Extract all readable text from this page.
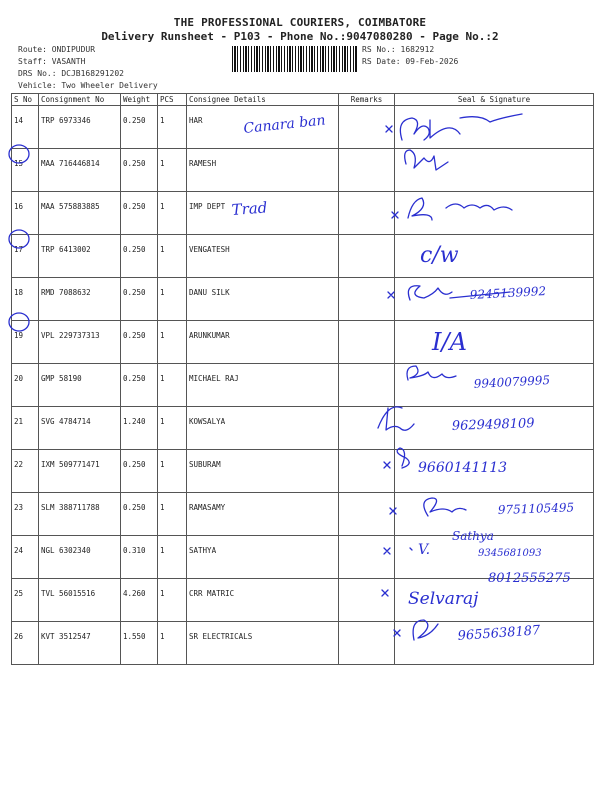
THE PROFESSIONAL COURIERS, COIMBATORE
Delivery Runsheet - P103 - Phone No.:9047080280 - Page No.:2
Route: ONDIPUDUR
Staff: VASANTH
DRS No.: DCJB168291202
Vehicle: Two Wheeler Delivery
RS No.: 1682912
RS Date: 09-Feb-2026
S No	Consignment No	Weight	PCS	Consignee Details	Remarks	Seal & Signature
14	TRP 6973346	0.250	1	HAR		
15	MAA 716446814	0.250	1	RAMESH		
16	MAA 575883885	0.250	1	IMP DEPT		
17	TRP 6413002	0.250	1	VENGATESH		
18	RMD 7088632	0.250	1	DANU SILK		
19	VPL 229737313	0.250	1	ARUNKUMAR		
20	GMP 58190	0.250	1	MICHAEL RAJ		
21	SVG 4784714	1.240	1	KOWSALYA		
22	IXM 509771471	0.250	1	SUBURAM		
23	SLM 388711788	0.250	1	RAMASAMY		
24	NGL 6302340	0.310	1	SATHYA		
25	TVL 56015516	4.260	1	CRR MATRIC		
26	KVT 3512547	1.550	1	SR ELECTRICALS		
Canara ban
Trad
c/w
9245139992
I/A
9940079995
9629498109
9660141113
9751105495
V.
Sathya
9345681093
8012555275
Selvaraj
9655638187
